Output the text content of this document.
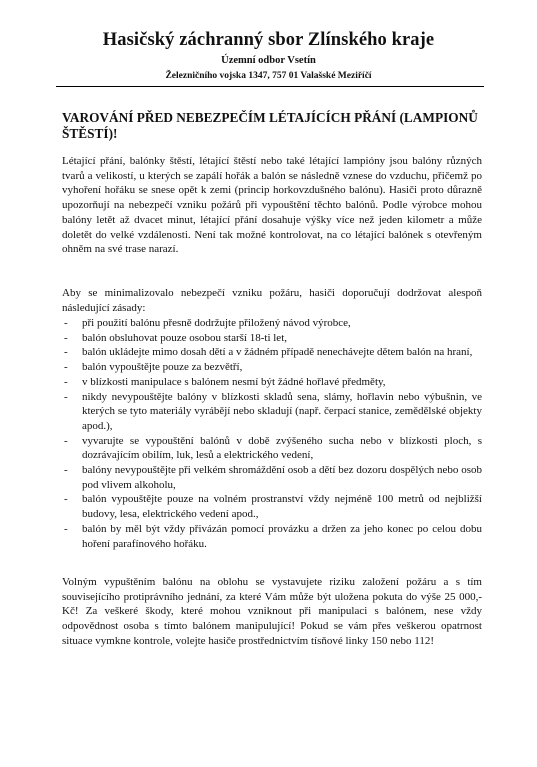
Hasičský záchranný sbor Zlínského kraje
Územní odbor Vsetín
Železničního vojska 1347, 757 01 Valašské Meziříčí
VAROVÁNÍ PŘED NEBEZPEČÍM LÉTAJÍCÍCH PŘÁNÍ (LAMPIONŮ ŠTĚSTÍ)!

Létající přání, balónky štěstí, létající štěstí nebo také létající lampióny jsou balóny různých tvarů a velikostí, u kterých se zapálí hořák a balón se následně vznese do vzduchu, přičemž po vyhoření hořáku se snese opět k zemi (princip horkovzdušného balónu). Hasiči proto důrazně upozorňují na nebezpečí vzniku požárů při vypouštění těchto balónů. Podle výrobce mohou balóny letět až dvacet minut, létající přání dosahuje výšky více než jeden kilometr a může doletět do velké vzdálenosti. Není tak možné kontrolovat, na co létající balónek s otevřeným ohněm na své trase narazí.

Aby se minimalizovalo nebezpečí vzniku požáru, hasiči doporučují dodržovat alespoň následující zásady:

- při použití balónu přesně dodržujte přiložený návod výrobce,
- balón obsluhovat pouze osobou starší 18-ti let,
- balón ukládejte mimo dosah dětí a v žádném případě nenechávejte dětem balón na hraní,
- balón vypouštějte pouze za bezvětří,
- v blízkosti manipulace s balónem nesmí být žádné hořlavé předměty,
- nikdy nevypouštějte balóny v blízkosti skladů sena, slámy, hořlavin nebo výbušnin, ve kterých se tyto materiály vyrábějí nebo skladují (např. čerpací stanice, zemědělské objekty apod.),
- vyvarujte se vypouštění balónů v době zvýšeného sucha nebo v blízkosti ploch, s dozrávajícím obilím, luk, lesů a elektrického vedení,
- balóny nevypouštějte při velkém shromáždění osob a dětí bez dozoru dospělých nebo osob pod vlivem alkoholu,
- balón vypouštějte pouze na volném prostranství vždy nejméně 100 metrů od nejbližší budovy, lesa, elektrického vedení apod.,
- balón by měl být vždy přivázán pomocí provázku a držen za jeho konec po celou dobu hoření parafínového hořáku.

Volným vypuštěním balónu na oblohu se vystavujete riziku založení požáru a s tím souvisejícího protiprávního jednání, za které Vám může být uložena pokuta do výše 25 000,-Kč! Za veškeré škody, které mohou vzniknout při manipulaci s balónem, nese vždy odpovědnost osoba s tímto balónem manipulující! Pokud se vám přes veškerou opatrnost situace vymkne kontrole, volejte hasiče prostřednictvím tísňové linky 150 nebo 112!
